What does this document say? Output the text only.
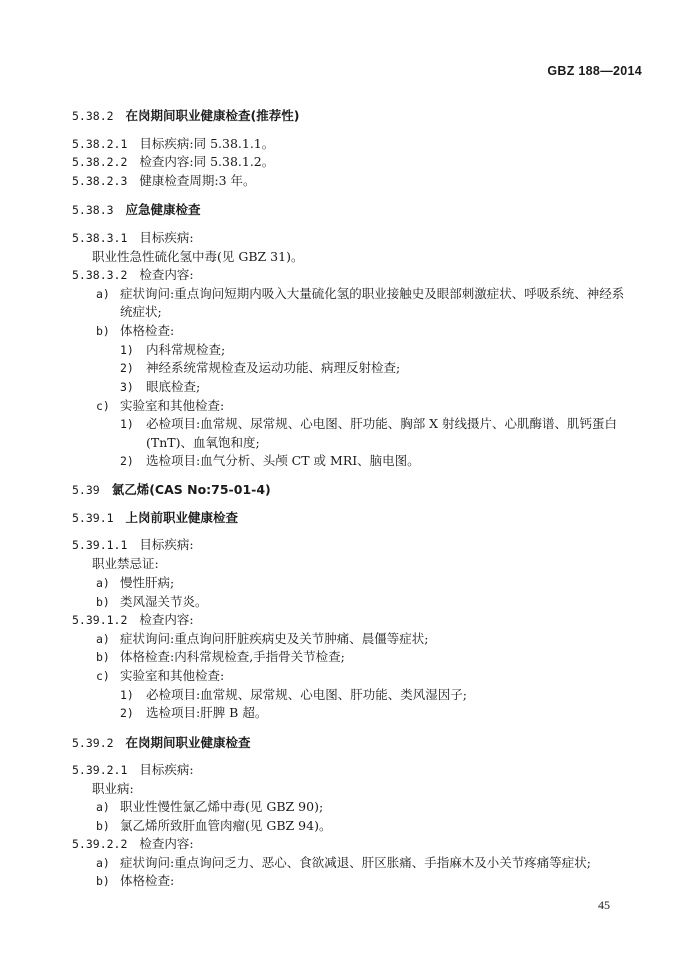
GBZ 188—2014
5.38.2 在岗期间职业健康检查(推荐性)
5.38.2.1 目标疾病:同 5.38.1.1。
5.38.2.2 检查内容:同 5.38.1.2。
5.38.2.3 健康检查周期:3 年。
5.38.3 应急健康检查
5.38.3.1 目标疾病:
职业性急性硫化氢中毒(见 GBZ 31)。
5.38.3.2 检查内容:
a) 症状询问:重点询问短期内吸入大量硫化氢的职业接触史及眼部刺激症状、呼吸系统、神经系
统症状;
b) 体格检查:
1) 内科常规检查;
2) 神经系统常规检查及运动功能、病理反射检查;
3) 眼底检查;
c) 实验室和其他检查:
1) 必检项目:血常规、尿常规、心电图、肝功能、胸部 X 射线摄片、心肌酶谱、肌钙蛋白
(TnT)、血氧饱和度;
2) 选检项目:血气分析、头颅 CT 或 MRI、脑电图。
5.39 氯乙烯(CAS No:75-01-4)
5.39.1 上岗前职业健康检查
5.39.1.1 目标疾病:
职业禁忌证:
a) 慢性肝病;
b) 类风湿关节炎。
5.39.1.2 检查内容:
a) 症状询问:重点询问肝脏疾病史及关节肿痛、晨僵等症状;
b) 体格检查:内科常规检查,手指骨关节检查;
c) 实验室和其他检查:
1) 必检项目:血常规、尿常规、心电图、肝功能、类风湿因子;
2) 选检项目:肝脾 B 超。
5.39.2 在岗期间职业健康检查
5.39.2.1 目标疾病:
职业病:
a) 职业性慢性氯乙烯中毒(见 GBZ 90);
b) 氯乙烯所致肝血管肉瘤(见 GBZ 94)。
5.39.2.2 检查内容:
a) 症状询问:重点询问乏力、恶心、食欲减退、肝区胀痛、手指麻木及小关节疼痛等症状;
b) 体格检查:
45
